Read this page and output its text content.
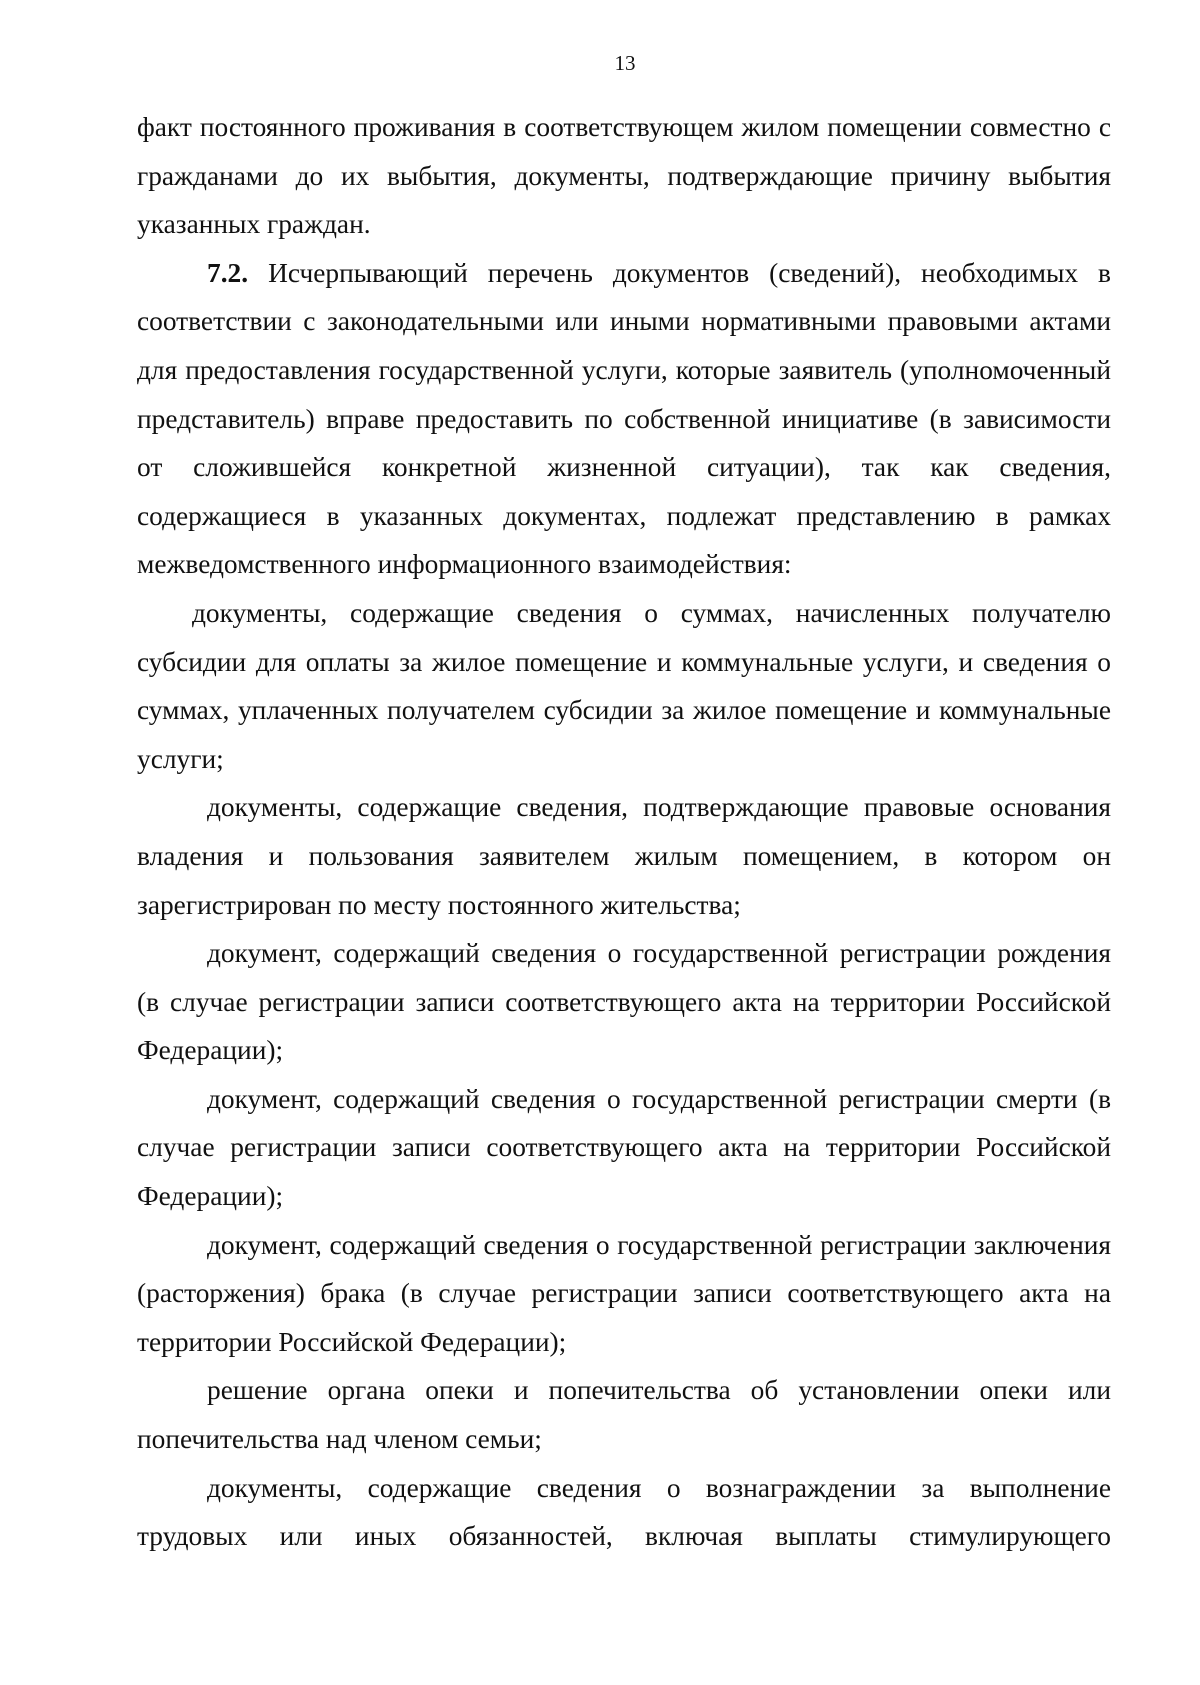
13

факт постоянного проживания в соответствующем жилом помещении совместно с гражданами до их выбытия, документы, подтверждающие причину выбытия указанных граждан.

7.2. Исчерпывающий перечень документов (сведений), необходимых в соответствии с законодательными или иными нормативными правовыми актами для предоставления государственной услуги, которые заявитель (уполномоченный представитель) вправе предоставить по собственной инициативе (в зависимости от сложившейся конкретной жизненной ситуации), так как сведения, содержащиеся в указанных документах, подлежат представлению в рамках межведомственного информационного взаимодействия:

документы, содержащие сведения о суммах, начисленных получателю субсидии для оплаты за жилое помещение и коммунальные услуги, и сведения о суммах, уплаченных получателем субсидии за жилое помещение и коммунальные услуги;

документы, содержащие сведения, подтверждающие правовые основания владения и пользования заявителем жилым помещением, в котором он зарегистрирован по месту постоянного жительства;

документ, содержащий сведения о государственной регистрации рождения (в случае регистрации записи соответствующего акта на территории Российской Федерации);

документ, содержащий сведения о государственной регистрации смерти (в случае регистрации записи соответствующего акта на территории Российской Федерации);

документ, содержащий сведения о государственной регистрации заключения (расторжения) брака (в случае регистрации записи соответствующего акта на территории Российской Федерации);

решение органа опеки и попечительства об установлении опеки или попечительства над членом семьи;

документы, содержащие сведения о вознаграждении за выполнение трудовых или иных обязанностей, включая выплаты стимулирующего
